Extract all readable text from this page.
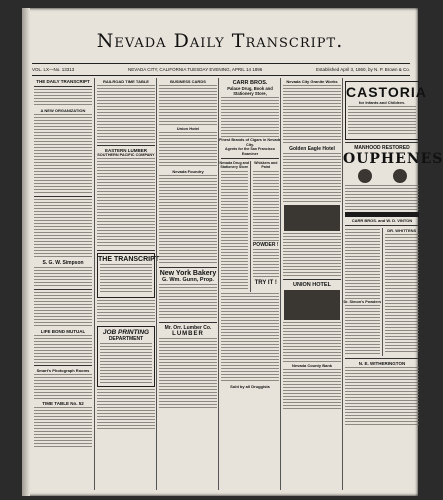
Nevada Daily Transcript.
VOL. LX—No. 13313	NEVADA CITY, CALIFORNIA TUESDAY EVENING, APRIL 14 1896	Established April 3, 1860, by N. P. Brown & Co.
THE DAILY TRANSCRIPT
A NEW ORGANIZATION
S. G. W. Simpson
LIFE BOND MUTUAL
Smart's Photograph Rooms
TIME TABLE No. 52
RAILROAD TIME TABLE
EASTERN LUMBER
SOUTHERN PACIFIC COMPANY
THE TRANSCRIPT
JOB PRINTING
DEPARTMENT
BUSINESS CARDS
Union Hotel
Nevada Foundry
New York Bakery
G. Wm. Gunn, Prop.
Mr. Orr. Lumber Co.
LUMBER
CARR BROS.
Palace Drug, Book and Stationery Store,
Finest Brands of Cigars in Nevada City.
Agents for the San Francisco Examiner
Nevada Drug and Stationery Store
Whiskers and Paint
POWDER !
TRY IT !
Sold by all Druggists
Nevada City Granite Works
Golden Eagle Hotel
UNION HOTEL
Nevada County Bank
CASTORIA
for Infants and Children.
MANHOOD RESTORED
OUPHENES
CARR BROS. and W. D. VINTON
Dr. Simon's Powders
DR. WHITTENS
N. E. WITHERINGTON
